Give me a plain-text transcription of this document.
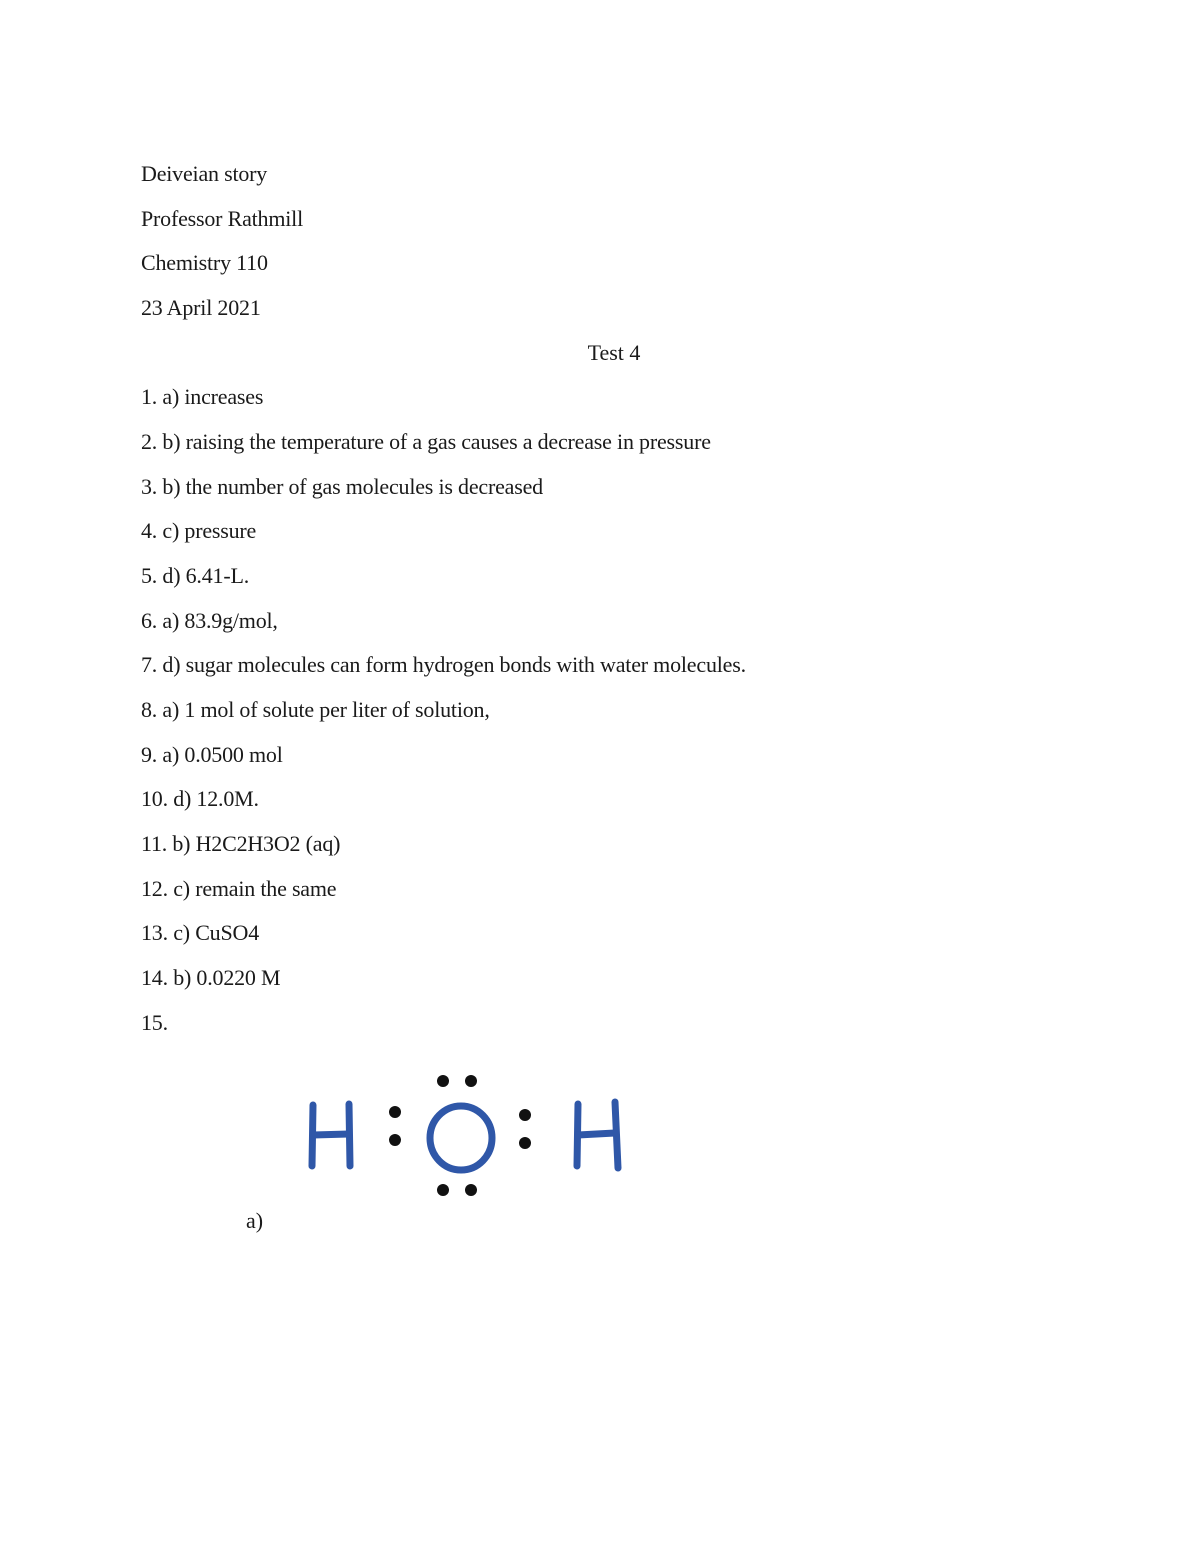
Deiveian story
Professor Rathmill
Chemistry 110
23 April 2021
Test 4
1. a) increases
2. b) raising the temperature of a gas causes a decrease in pressure
3. b) the number of gas molecules is decreased
4. c) pressure
5. d) 6.41-L.
6. a) 83.9g/mol,
7. d) sugar molecules can form hydrogen bonds with water molecules.
8. a) 1 mol of solute per liter of solution,
9. a) 0.0500 mol
10. d) 12.0M.
11. b) H2C2H3O2 (aq)
12. c) remain the same
13. c) CuSO4
14. b) 0.0220 M
15.
a)
